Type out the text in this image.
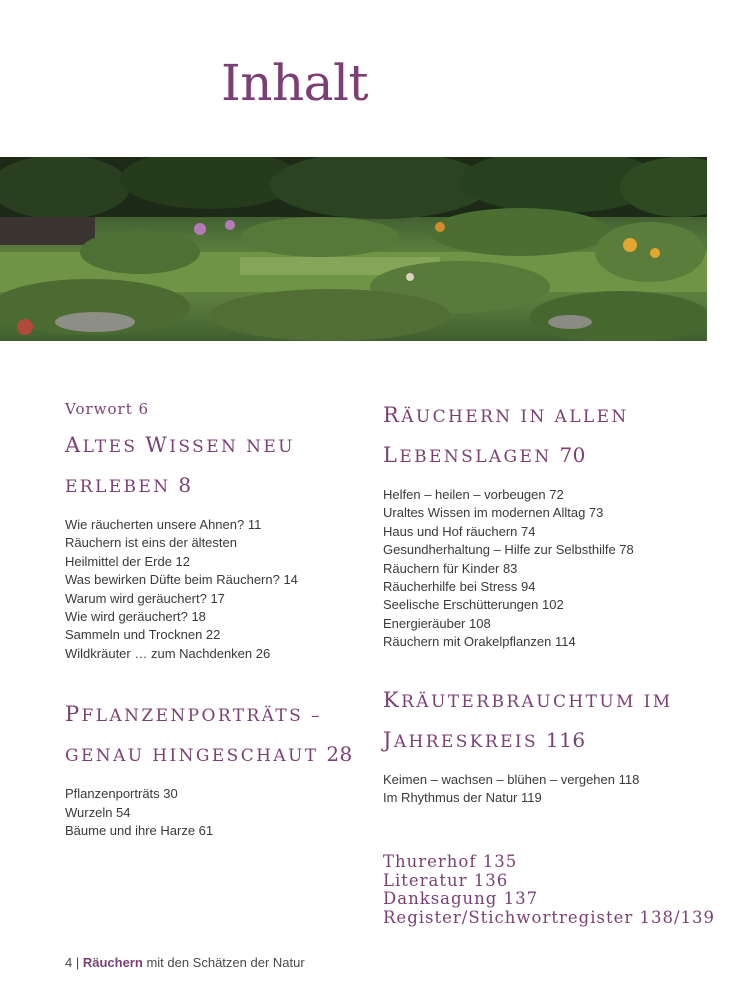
Inhalt

Vorwort 6

ALTES WISSEN NEU

ERLEBEN 8

Wie räucherten unsere Ahnen? 11
Räuchern ist eins der ältesten
Heilmittel der Erde 12
Was bewirken Düfte beim Räuchern? 14
Warum wird geräuchert? 17
Wie wird geräuchert? 18
Sammeln und Trocknen 22
Wildkräuter … zum Nachdenken 26

PFLANZENPORTRÄTS –

GENAU HINGESCHAUT 28

Pflanzenporträts 30
Wurzeln 54
Bäume und ihre Harze 61

RÄUCHERN IN ALLEN

LEBENSLAGEN 70

Helfen – heilen – vorbeugen 72
Uraltes Wissen im modernen Alltag 73
Haus und Hof räuchern 74
Gesundherhaltung – Hilfe zur Selbsthilfe 78
Räuchern für Kinder 83
Räucherhilfe bei Stress 94
Seelische Erschütterungen 102
Energieräuber 108
Räuchern mit Orakelpflanzen 114

KRÄUTERBRAUCHTUM IM

JAHRESKREIS 116

Keimen – wachsen – blühen – vergehen 118
Im Rhythmus der Natur 119

Thurerhof 135

Literatur 136

Danksagung 137

Register/Stichwortregister 138/139

4 | Räuchern mit den Schätzen der Natur
